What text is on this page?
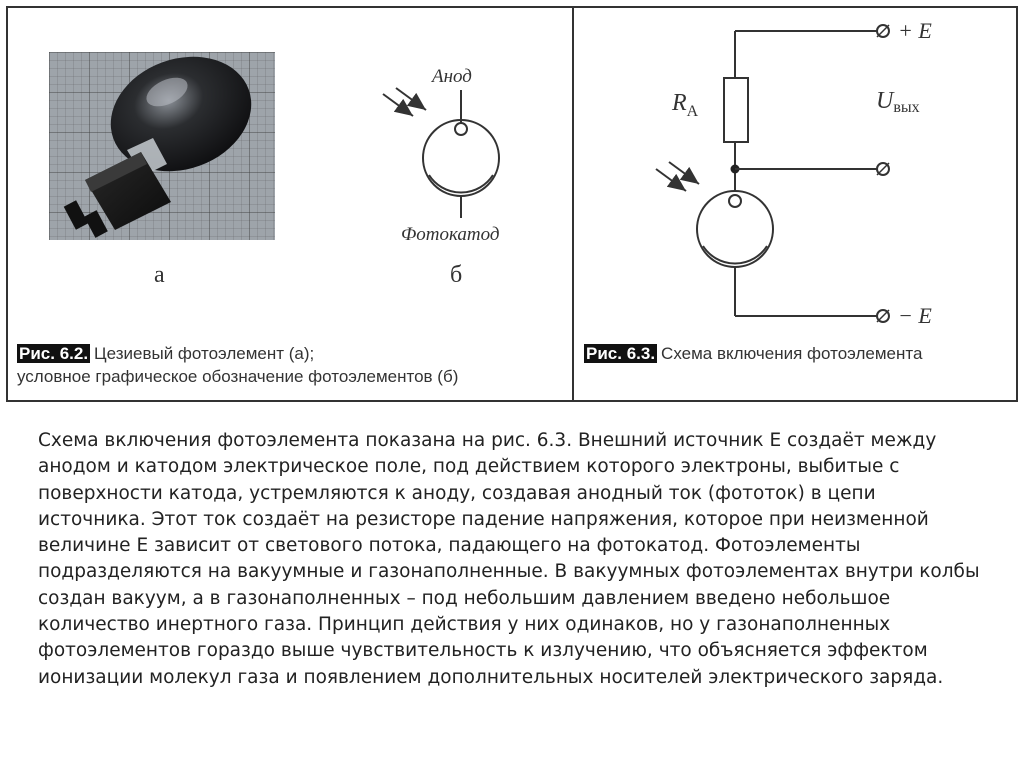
а	б
Анод
Фотокатод
+ E
− E
$R_A$	Uвых
Рис. 6.2. Цезиевый фотоэлемент (а);
условное графическое обозначение фотоэлементов (б)
Рис. 6.3. Схема включения фотоэлемента

Схема включения фотоэлемента показана на рис. 6.3. Внешний источник Е создаёт между анодом и катодом электрическое поле, под действием которого электроны, выбитые с поверхности катода, устремляются к аноду, создавая анодный ток (фототок) в цепи источника. Этот ток создаёт на резисторе падение напряжения, которое при неизменной величине Е зависит от светового потока, падающего на фотокатод. Фотоэлементы подразделяются на вакуумные и газонаполненные. В вакуумных фотоэлементах внутри колбы создан вакуум, а в газонаполненных – под небольшим давлением введено небольшое количество инертного газа. Принцип действия у них одинаков, но у газонаполненных фотоэлементов гораздо выше чувствительность к излучению, что объясняется эффектом ионизации молекул газа и появлением дополнительных носителей электрического заряда.
